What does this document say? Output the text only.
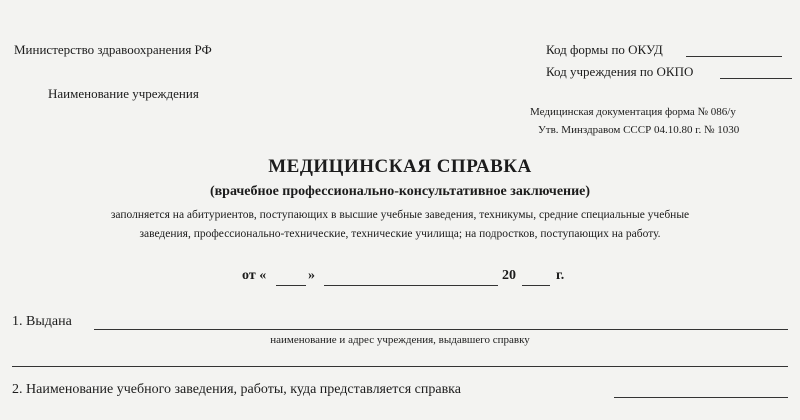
Министерство здравоохранения РФ
Наименование учреждения
Код формы по ОКУД
Код учреждения по ОКПО
Медицинская документация форма № 086/у
Утв. Минздравом СССР 04.10.80 г. № 1030
МЕДИЦИНСКАЯ СПРАВКА
(врачебное профессионально-консультативное заключение)
заполняется на абитуриентов, поступающих в высшие учебные заведения, техникумы, средние специальные учебные
заведения, профессионально-технические, технические училища; на подростков, поступающих на работу.
от «	»	20	г.
1. Выдана
наименование и адрес учреждения, выдавшего справку
2. Наименование учебного заведения, работы, куда представляется справка
